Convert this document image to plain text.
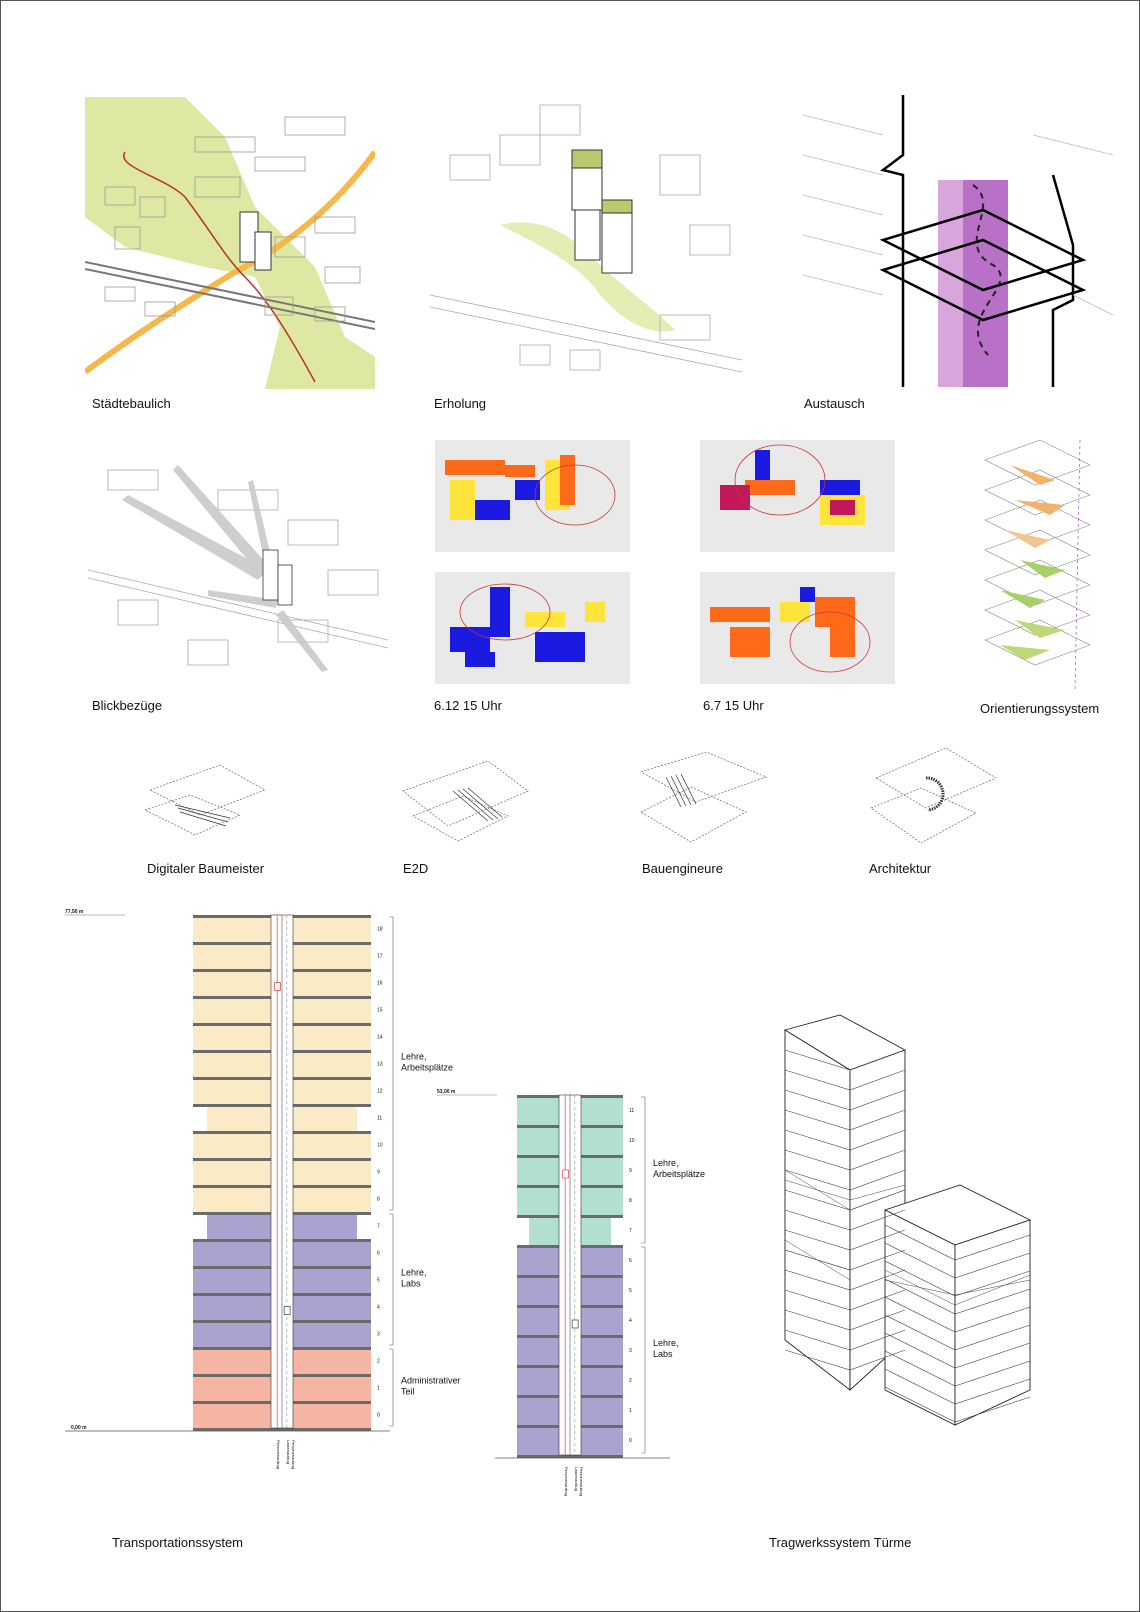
Städtebaulich	Erholung	Austausch
Blickbezüge	6.12 15 Uhr	6.7 15 Uhr	Orientierungssystem
Digitaler Baumeister	E2D	Bauengineure	Architektur
77,50 m
18
17
16
15
14
13
12
11
10
9
8
7
6
5
4
3
2
1
0
0,00 m
Lehre,
Arbeitsplätze
Lehre,
Labs
Administrativer
Teil
Personenaufzug Lastenaufzug Personenaufzug
53,00 m
11
10
9
8
7
6
5
4
3
2
1
0
Lehre,
Arbeitsplätze
Lehre,
Labs
Personenaufzug Lastenaufzug Personenaufzug
Transportationssystem	Tragwerkssystem Türme
